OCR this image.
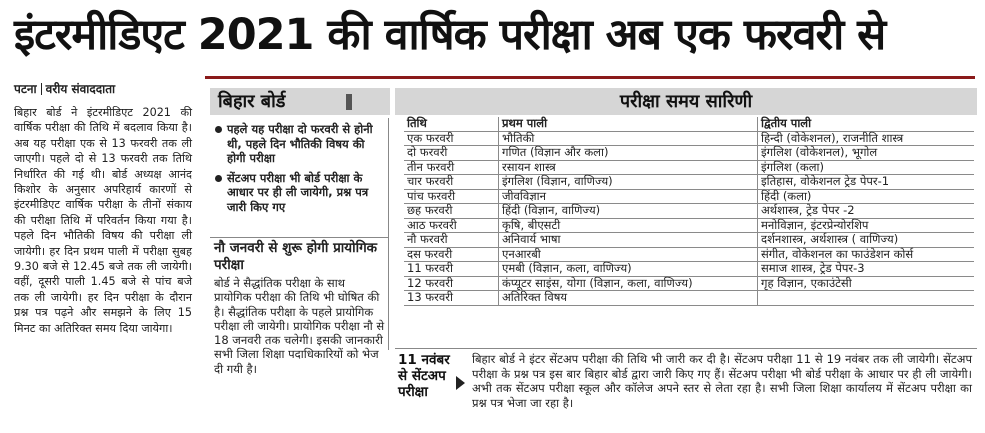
इंटरमीडिएट 2021 की वार्षिक परीक्षा अब एक फरवरी से
पटना वरीय संवाददाता

बिहार बोर्ड ने इंटरमीडिएट 2021 की वार्षिक परीक्षा की तिथि में बदलाव किया है। अब यह परीक्षा एक से 13 फरवरी तक ली जाएगी। पहले दो से 13 फरवरी तक तिथि निर्धारित की गई थी। बोर्ड अध्यक्ष आनंद किशोर के अनुसार अपरिहार्य कारणों से इंटरमीडिएट वार्षिक परीक्षा के तीनों संकाय की परीक्षा तिथि में परिवर्तन किया गया है। पहले दिन भौतिकी विषय की परीक्षा ली जायेगी। हर दिन प्रथम पाली में परीक्षा सुबह 9.30 बजे से 12.45 बजे तक ली जायेगी। वहीं, दूसरी पाली 1.45 बजे से पांच बजे तक ली जायेगी। हर दिन परीक्षा के दौरान प्रश्न पत्र पढ़ने और समझने के लिए 15 मिनट का अतिरिक्त समय दिया जायेगा।

बिहार बोर्ड	परीक्षा समय सारिणी
पहले यह परीक्षा दो फरवरी से होनी थी, पहले दिन भौतिकी विषय की होगी परीक्षा
सेंटअप परीक्षा भी बोर्ड परीक्षा के आधार पर ही ली जायेगी, प्रश्न पत्र जारी किए गए
नौ जनवरी से शुरू होगी प्रायोगिक परीक्षा

बोर्ड ने सैद्धांतिक परीक्षा के साथ प्रायोगिक परीक्षा की तिथि भी घोषित की है। सैद्धांतिक परीक्षा के पहले प्रायोगिक परीक्षा ली जायेगी। प्रायोगिक परीक्षा नौ से 18 जनवरी तक चलेगी। इसकी जानकारी सभी जिला शिक्षा पदाधिकारियों को भेज दी गयी है।

तिथि	प्रथम पाली	द्वितीय पाली
एक फरवरी	भौतिकी	हिन्दी (वोकेशनल), राजनीति शास्त्र
दो फरवरी	गणित (विज्ञान और कला)	इंगलिश (वोकेशनल), भूगोल
तीन फरवरी	रसायन शास्त्र	इंगलिश (कला)
चार फरवरी	इंगलिश (विज्ञान, वाणिज्य)	इतिहास, वोकेशनल ट्रेड पेपर-1
पांच फरवरी	जीवविज्ञान	हिंदी (कला)
छह फरवरी	हिंदी (विज्ञान, वाणिज्य)	अर्थशास्त्र, ट्रेड पेपर -2
आठ फरवरी	कृषि, बीएसटी	मनोविज्ञान, इंटरप्रेन्योरशिप
नौ फरवरी	अनिवार्य भाषा	दर्शनशास्त्र, अर्थशास्त्र ( वाणिज्य)
दस फरवरी	एनआरबी	संगीत, वोकेशनल का फाउंडेशन कोर्स
11 फरवरी	एमबी (विज्ञान, कला, वाणिज्य)	समाज शास्त्र, ट्रेड पेपर-3
12 फरवरी	कंप्यूटर साइंस, योगा (विज्ञान, कला, वाणिज्य)	गृह विज्ञान, एकाउंटेसी
13 फरवरी	अतिरिक्त विषय	
11 नवंबर से सेंटअप परीक्षा

बिहार बोर्ड ने इंटर सेंटअप परीक्षा की तिथि भी जारी कर दी है। सेंटअप परीक्षा 11 से 19 नवंबर तक ली जायेगी। सेंटअप परीक्षा के प्रश्न पत्र इस बार बिहार बोर्ड द्वारा जारी किए गए हैं। सेंटअप परीक्षा भी बोर्ड परीक्षा के आधार पर ही ली जायेगी। अभी तक सेंटअप परीक्षा स्कूल और कॉलेज अपने स्तर से लेता रहा है। सभी जिला शिक्षा कार्यालय में सेंटअप परीक्षा का प्रश्न पत्र भेजा जा रहा है।
